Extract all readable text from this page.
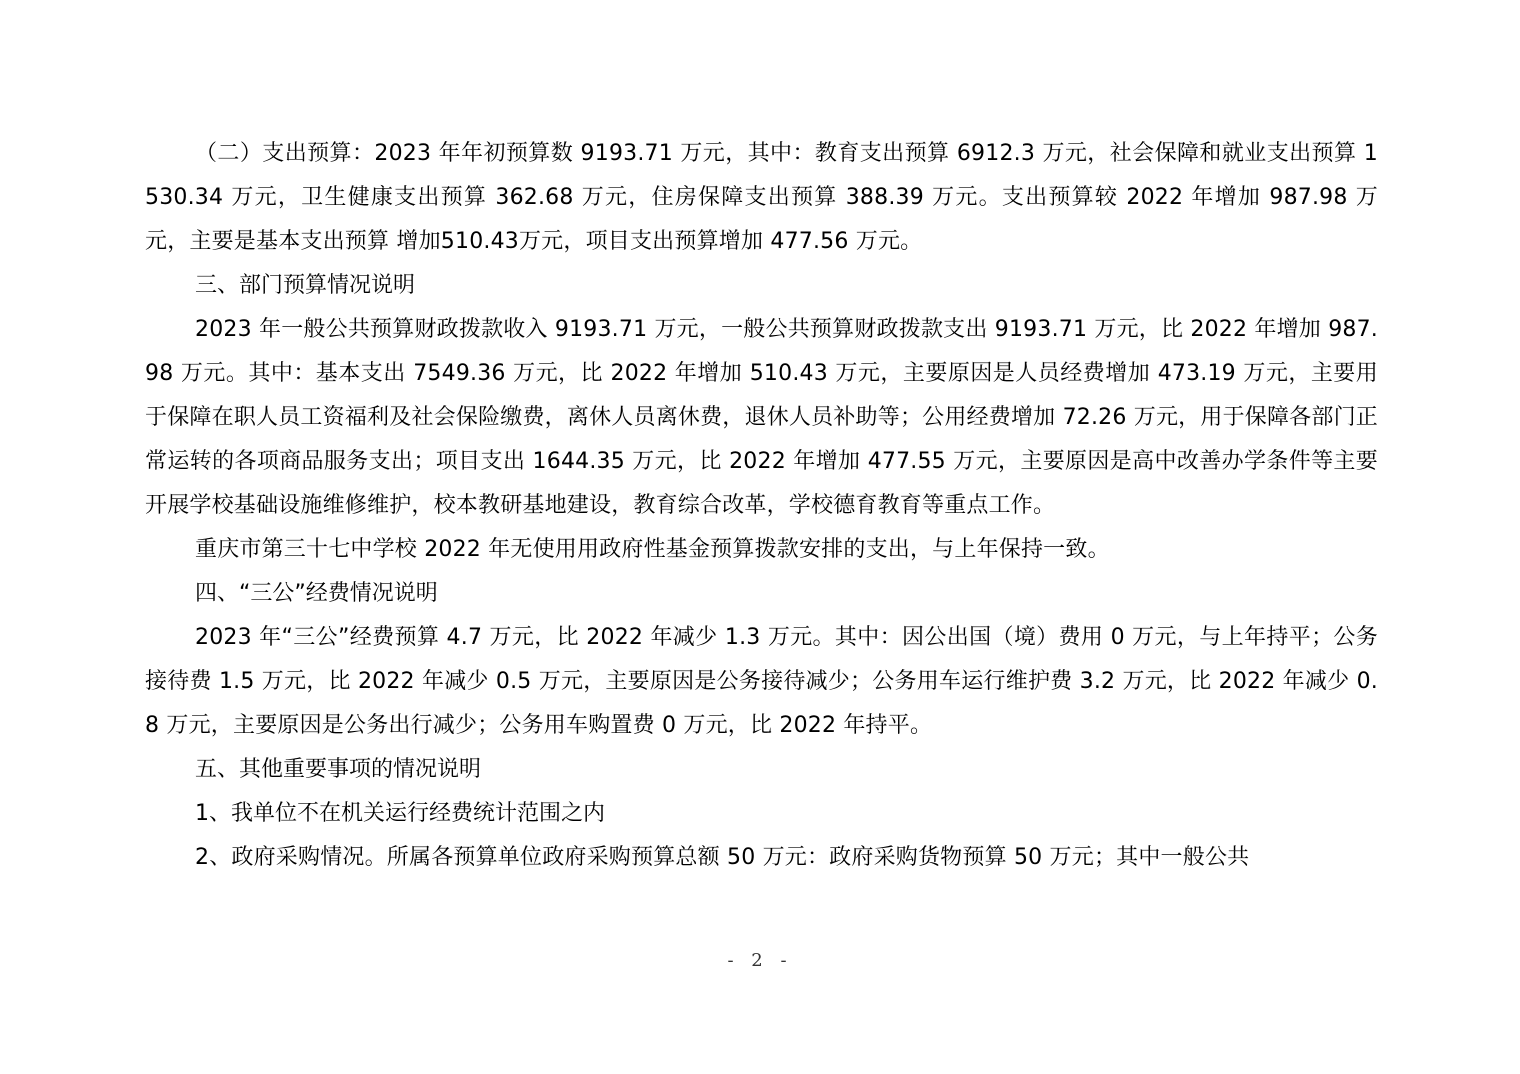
（二）支出预算：2023 年年初预算数 9193.71 万元，其中：教育支出预算 6912.3 万元，社会保障和就业支出预算 1530.34 万元，卫生健康支出预算 362.68 万元，住房保障支出预算 388.39 万元。支出预算较 2022 年增加 987.98 万元，主要是基本支出预算 增加510.43万元，项目支出预算增加 477.56 万元。

三、部门预算情况说明

2023 年一般公共预算财政拨款收入 9193.71 万元，一般公共预算财政拨款支出 9193.71 万元，比 2022 年增加 987.98 万元。其中：基本支出 7549.36 万元，比 2022 年增加 510.43 万元，主要原因是人员经费增加 473.19 万元，主要用于保障在职人员工资福利及社会保险缴费，离休人员离休费，退休人员补助等；公用经费增加 72.26 万元，用于保障各部门正常运转的各项商品服务支出；项目支出 1644.35 万元，比 2022 年增加 477.55 万元，主要原因是高中改善办学条件等主要开展学校基础设施维修维护，校本教研基地建设，教育综合改革，学校德育教育等重点工作。

重庆市第三十七中学校 2022 年无使用用政府性基金预算拨款安排的支出，与上年保持一致。

四、“三公”经费情况说明

2023 年“三公”经费预算 4.7 万元，比 2022 年减少 1.3 万元。其中：因公出国（境）费用 0 万元，与上年持平；公务接待费 1.5 万元，比 2022 年减少 0.5 万元，主要原因是公务接待减少；公务用车运行维护费 3.2 万元，比 2022 年减少 0.8 万元，主要原因是公务出行减少；公务用车购置费 0 万元，比 2022 年持平。

五、其他重要事项的情况说明

1、我单位不在机关运行经费统计范围之内

2、政府采购情况。所属各预算单位政府采购预算总额 50 万元：政府采购货物预算 50 万元；其中一般公共

- 2 -
